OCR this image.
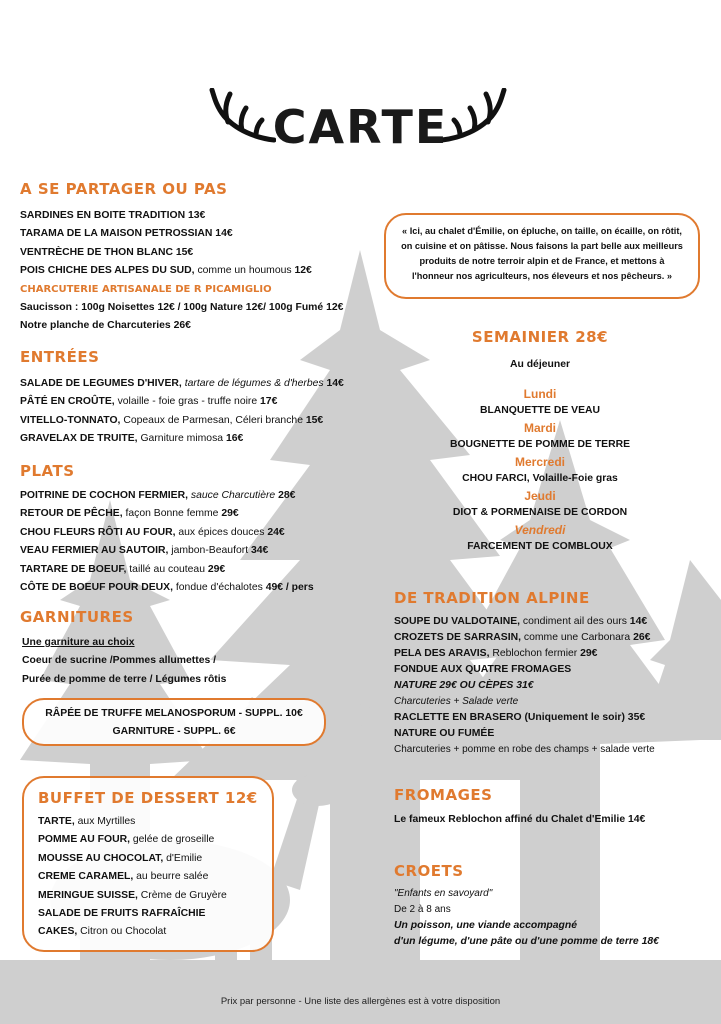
CARTE
A SE PARTAGER OU PAS
SARDINES EN BOITE TRADITION 13€
TARAMA DE LA MAISON PETROSSIAN 14€
VENTRÈCHE DE THON BLANC 15€
POIS CHICHE DES ALPES DU SUD, comme un houmous 12€
CHARCUTERIE ARTISANALE DE R PICAMIGLIO
Saucisson : 100g Noisettes 12€ / 100g Nature 12€/ 100g Fumé 12€
Notre planche de Charcuteries 26€
ENTRÉES
SALADE DE LEGUMES D'HIVER, tartare de légumes & d'herbes 14€
PÂTÉ EN CROÛTE, volaille - foie gras - truffe noire 17€
VITELLO-TONNATO, Copeaux de Parmesan, Céleri branche 15€
GRAVELAX DE TRUITE, Garniture mimosa 16€
PLATS
POITRINE DE COCHON FERMIER, sauce Charcutière 28€
RETOUR DE PÊCHE, façon Bonne femme 29€
CHOU FLEURS RÔTI AU FOUR, aux épices douces 24€
VEAU FERMIER AU SAUTOIR, jambon-Beaufort 34€
TARTARE DE BOEUF, taillé au couteau 29€
CÔTE DE BOEUF POUR DEUX, fondue d'échalotes 49€ / pers
GARNITURES
Une garniture au choix
Coeur de sucrine /Pommes allumettes /
Purée de pomme de terre / Légumes rôtis
RÂPÉE DE TRUFFE MELANOSPORUM - SUPPL. 10€
GARNITURE - SUPPL. 6€
BUFFET DE DESSERT 12€
TARTE, aux Myrtilles
POMME AU FOUR, gelée de groseille
MOUSSE AU CHOCOLAT, d'Emilie
CREME CARAMEL, au beurre salée
MERINGUE SUISSE, Crème de Gruyère
SALADE DE FRUITS RAFRAÎCHIE
CAKES, Citron ou Chocolat
« Ici, au chalet d'Émilie, on épluche, on taille, on écaille, on rôtit,
on cuisine et on pâtisse. Nous faisons la part belle aux meilleurs
produits de notre terroir alpin et de France, et mettons à
l'honneur nos agriculteurs, nos éleveurs et nos pêcheurs. »
SEMAINIER 28€
Au déjeuner
Lundi
BLANQUETTE DE VEAU
Mardi
BOUGNETTE DE POMME DE TERRE
Mercredi
CHOU FARCI, Volaille-Foie gras
Jeudi
DIOT & PORMENAISE DE CORDON
Vendredi
FARCEMENT DE COMBLOUX
DE TRADITION ALPINE
SOUPE DU VALDOTAINE, condiment ail des ours 14€
CROZETS DE SARRASIN, comme une Carbonara 26€
PELA DES ARAVIS, Reblochon fermier 29€
FONDUE AUX QUATRE FROMAGES
NATURE 29€ OU CÈPES 31€
Charcuteries + Salade verte
RACLETTE EN BRASERO (Uniquement le soir) 35€
NATURE OU FUMÉE
Charcuteries + pomme en robe des champs + salade verte
FROMAGES
Le fameux Reblochon affiné du Chalet d'Emilie 14€
CROETS
"Enfants en savoyard"
De 2 à 8 ans
Un poisson, une viande accompagné
d'un légume, d'une pâte ou d'une pomme de terre 18€
Prix par personne - Une liste des allergènes est à votre disposition
